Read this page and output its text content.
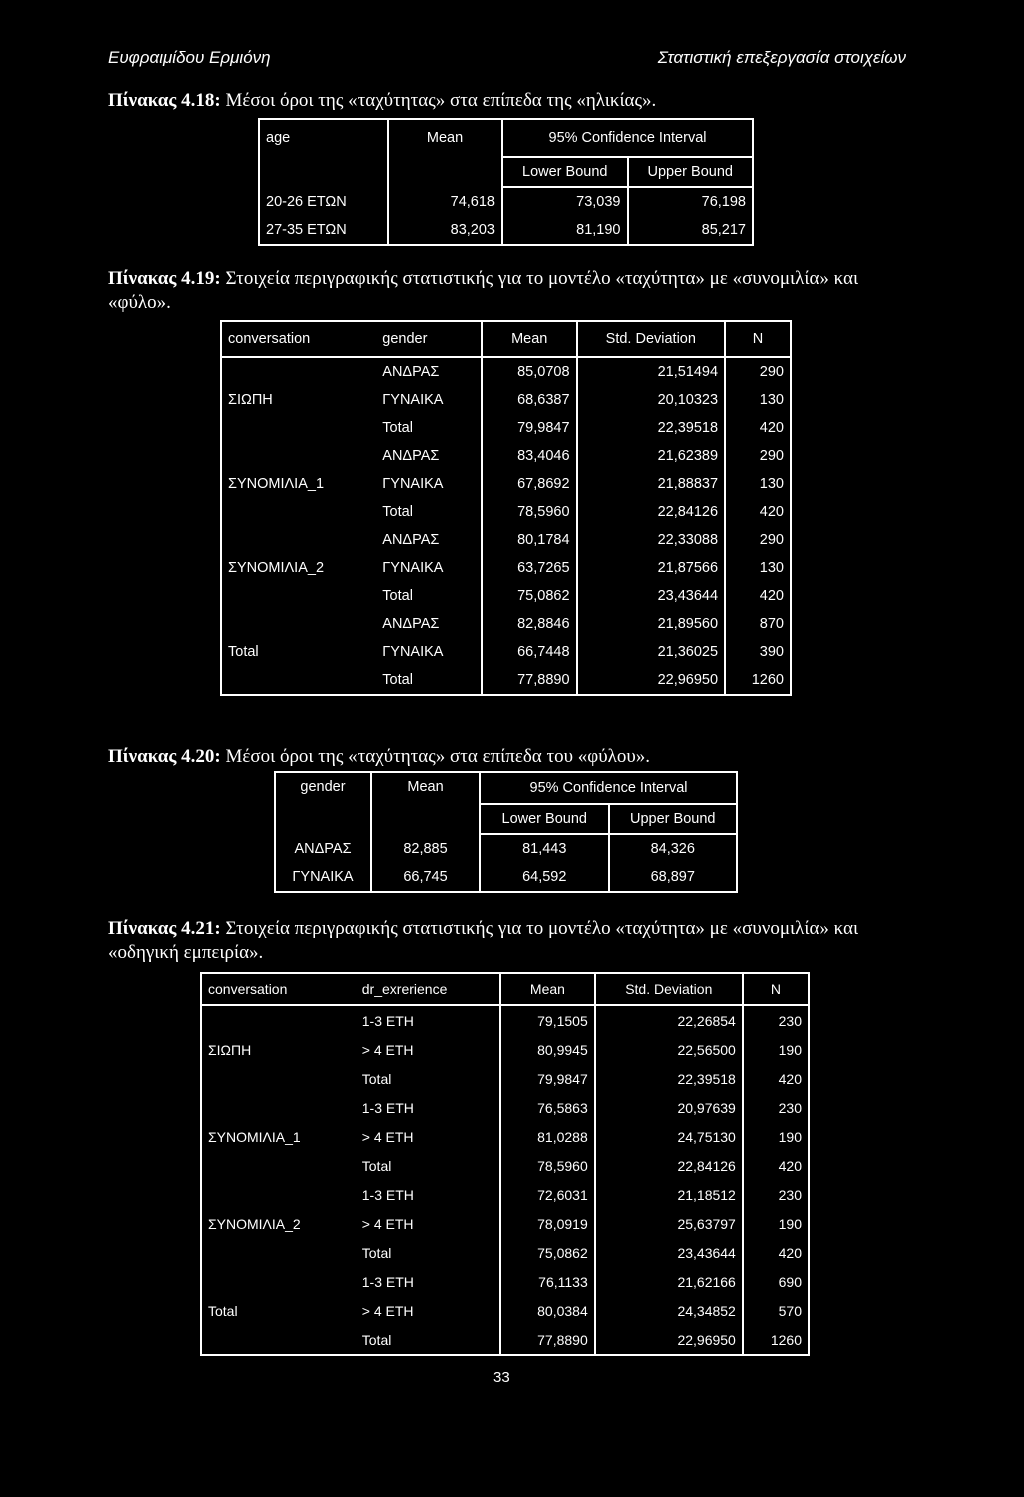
Ευφραιμίδου Ερμιόνη	Στατιστική επεξεργασία στοιχείων
Πίνακας 4.18: Μέσοι όροι της «ταχύτητας» στα επίπεδα της «ηλικίας».
age	Mean	95% Confidence Interval	
		Lower Bound	Upper Bound
20-26 ΕΤΩΝ	74,618	73,039	76,198
27-35 ΕΤΩΝ	83,203	81,190	85,217
Πίνακας 4.19: Στοιχεία περιγραφικής στατιστικής για το μοντέλο «ταχύτητα» με «συνομιλία» και «φύλο».
conversation	gender	Mean	Std. Deviation	N
ΣΙΩΠΗ	ΑΝΔΡΑΣ	85,0708	21,51494	290
	ΓΥΝΑΙΚΑ	68,6387	20,10323	130
	Total	79,9847	22,39518	420
ΣΥΝΟΜΙΛΙΑ_1	ΑΝΔΡΑΣ	83,4046	21,62389	290
	ΓΥΝΑΙΚΑ	67,8692	21,88837	130
	Total	78,5960	22,84126	420
ΣΥΝΟΜΙΛΙΑ_2	ΑΝΔΡΑΣ	80,1784	22,33088	290
	ΓΥΝΑΙΚΑ	63,7265	21,87566	130
	Total	75,0862	23,43644	420
Total	ΑΝΔΡΑΣ	82,8846	21,89560	870
	ΓΥΝΑΙΚΑ	66,7448	21,36025	390
	Total	77,8890	22,96950	1260
Πίνακας 4.20: Μέσοι όροι της «ταχύτητας» στα επίπεδα του «φύλου».
gender	Mean	95% Confidence Interval	
		Lower Bound	Upper Bound
ΑΝΔΡΑΣ	82,885	81,443	84,326
ΓΥΝΑΙΚΑ	66,745	64,592	68,897
Πίνακας 4.21: Στοιχεία περιγραφικής στατιστικής για το μοντέλο «ταχύτητα» με «συνομιλία» και «οδηγική εμπειρία».
conversation	dr_exrerience	Mean	Std. Deviation	N
ΣΙΩΠΗ	1-3 ΕΤΗ	79,1505	22,26854	230
	> 4 ΕΤΗ	80,9945	22,56500	190
	Total	79,9847	22,39518	420
ΣΥΝΟΜΙΛΙΑ_1	1-3 ΕΤΗ	76,5863	20,97639	230
	> 4 ΕΤΗ	81,0288	24,75130	190
	Total	78,5960	22,84126	420
ΣΥΝΟΜΙΛΙΑ_2	1-3 ΕΤΗ	72,6031	21,18512	230
	> 4 ΕΤΗ	78,0919	25,63797	190
	Total	75,0862	23,43644	420
Total	1-3 ΕΤΗ	76,1133	21,62166	690
	> 4 ΕΤΗ	80,0384	24,34852	570
	Total	77,8890	22,96950	1260
33
